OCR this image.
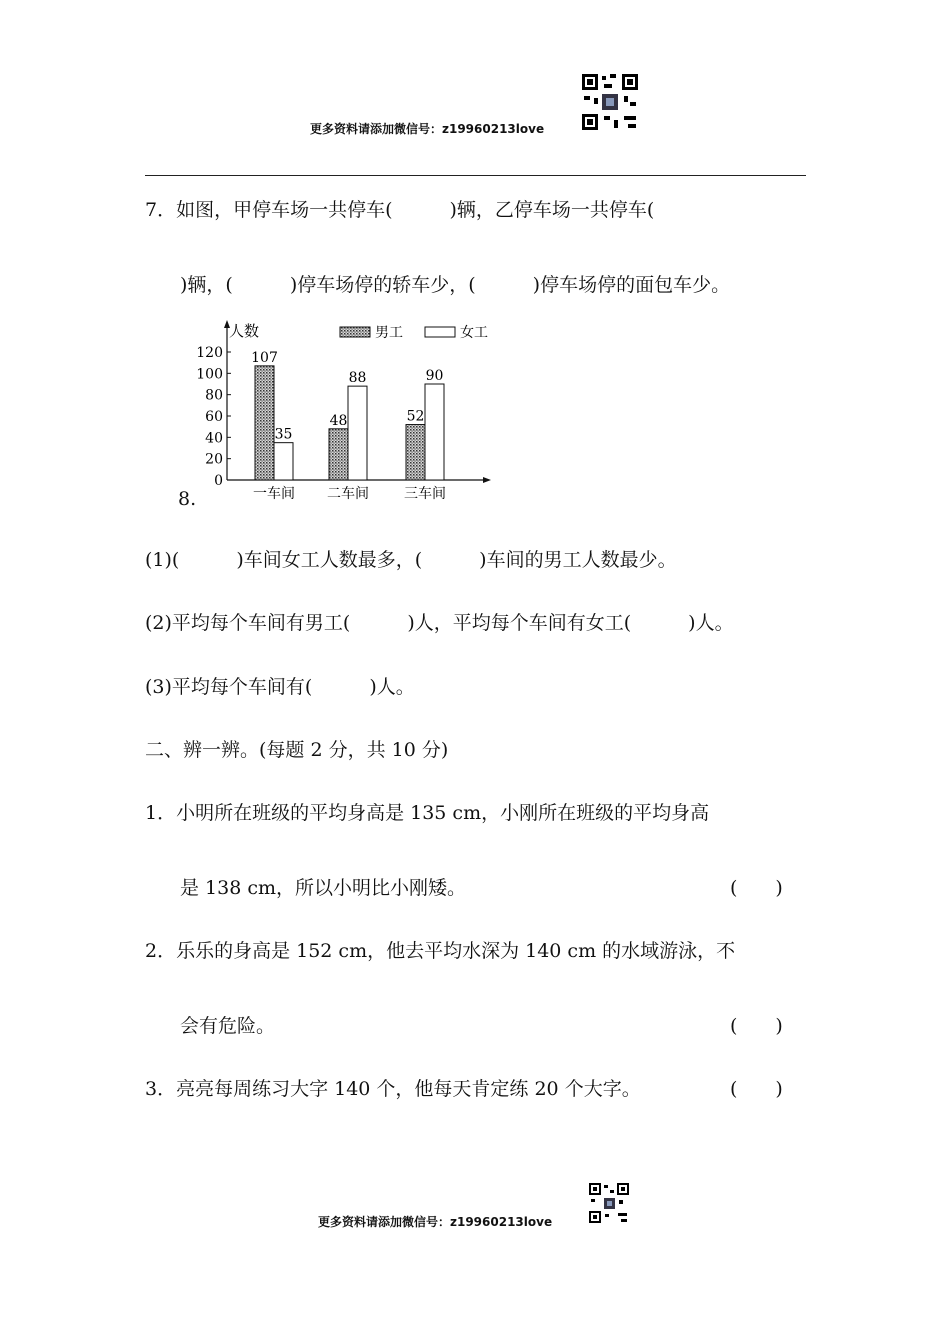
更多资料请添加微信号：z19960213love
7．如图，甲停车场一共停车(　　　)辆，乙停车场一共停车(
)辆，(　　　)停车场停的轿车少，(　　　)停车场停的面包车少。
8.
人数
0
20
40
60
80
100
120
男工	女工
107
35
一车间
48
88
二车间
52
90
三车间
(1)(　　　)车间女工人数最多，(　　　)车间的男工人数最少。
(2)平均每个车间有男工(　　　)人，平均每个车间有女工(　　　)人。
(3)平均每个车间有(　　　)人。
二、辨一辨。(每题 2 分，共 10 分)
1．小明所在班级的平均身高是 135 cm，小刚所在班级的平均身高
是 138 cm，所以小明比小刚矮。	(　　)
2．乐乐的身高是 152 cm，他去平均水深为 140 cm 的水域游泳，不
会有危险。	(　　)
3．亮亮每周练习大字 140 个，他每天肯定练 20 个大字。	(　　)
更多资料请添加微信号：z19960213love
